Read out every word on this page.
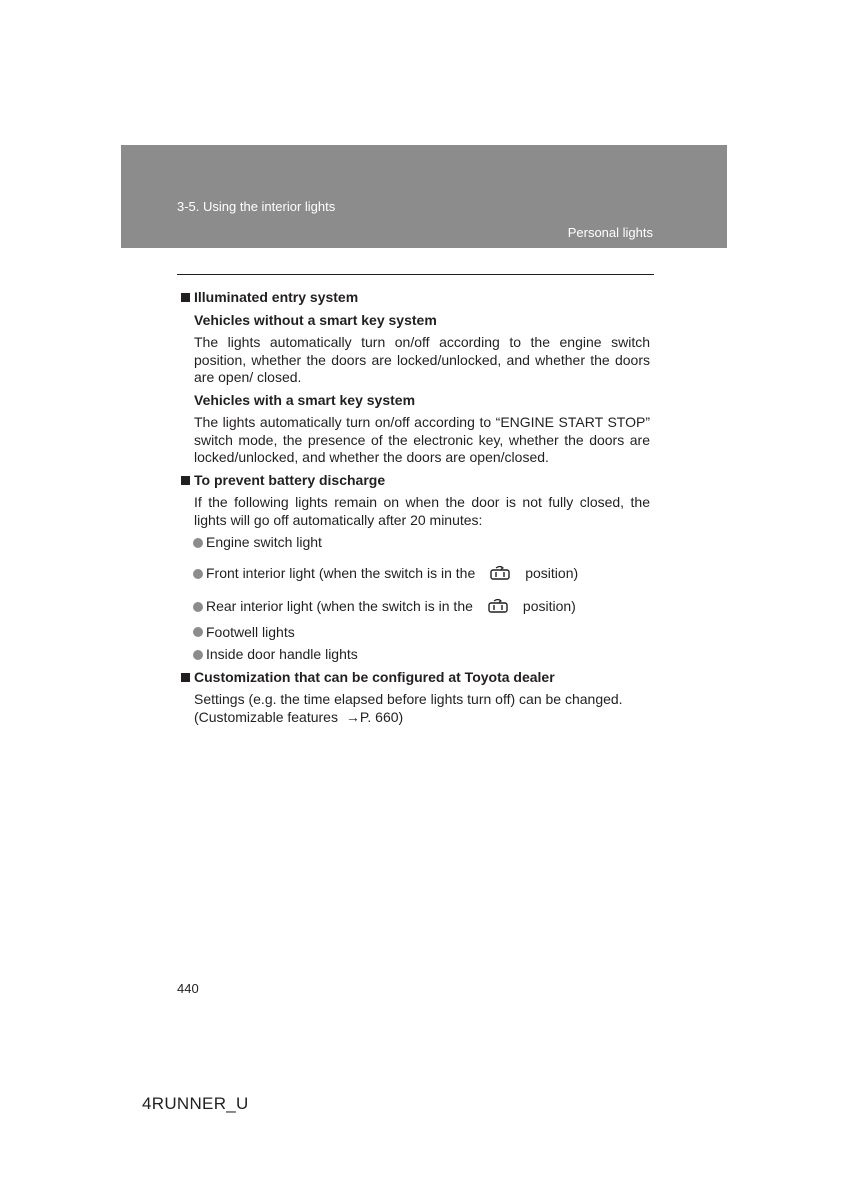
3-5. Using the interior lights
Personal lights
Illuminated entry system
Vehicles without a smart key system
The lights automatically turn on/off according to the engine switch position, whether the doors are locked/unlocked, and whether the doors are open/ closed.
Vehicles with a smart key system
The lights automatically turn on/off according to “ENGINE START STOP” switch mode, the presence of the electronic key, whether the doors are locked/unlocked, and whether the doors are open/closed.
To prevent battery discharge
If the following lights remain on when the door is not fully closed, the lights will go off automatically after 20 minutes:
Engine switch light
Front interior light (when the switch is in the	position)
Rear interior light (when the switch is in the	position)
Footwell lights
Inside door handle lights
Customization that can be configured at Toyota dealer
Settings (e.g. the time elapsed before lights turn off) can be changed.
(Customizable features →P. 660)
440
4RUNNER_U
